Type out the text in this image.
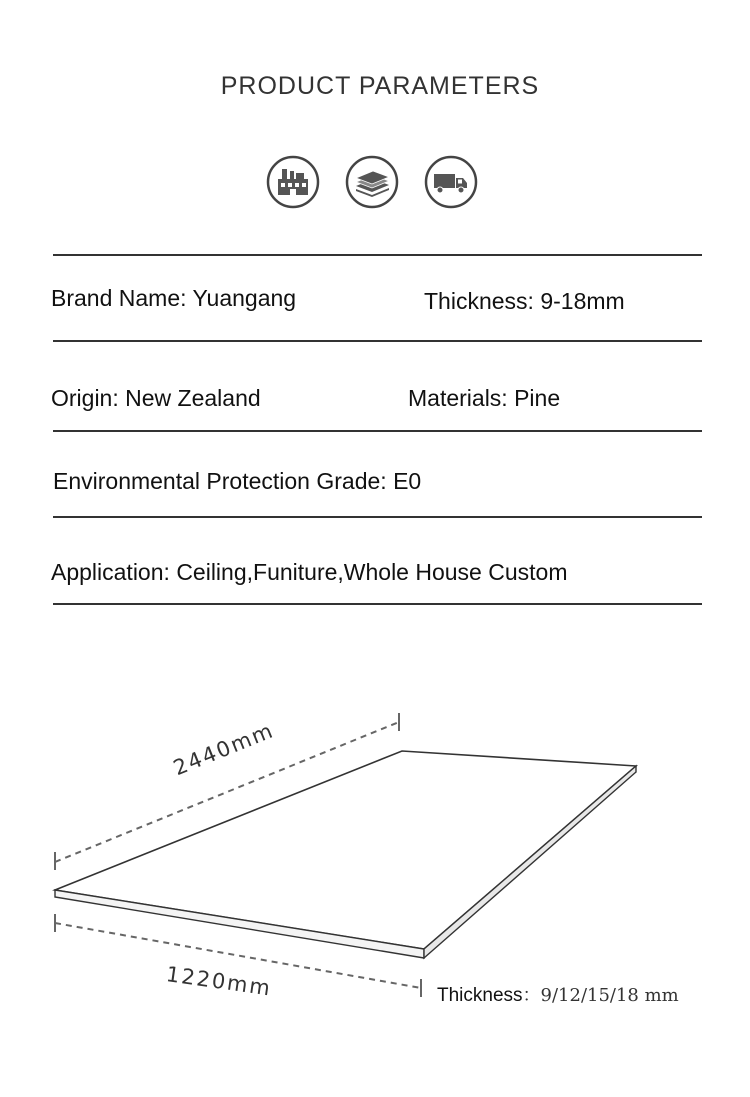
PRODUCT PARAMETERS
Brand Name: Yuangang	Thickness: 9-18mm
Origin: New Zealand	Materials: Pine
Environmental Protection Grade: E0
Application: Ceiling,Funiture,Whole House Custom
2440mm
1220mm	Thickness：9/12/15/18 mm
